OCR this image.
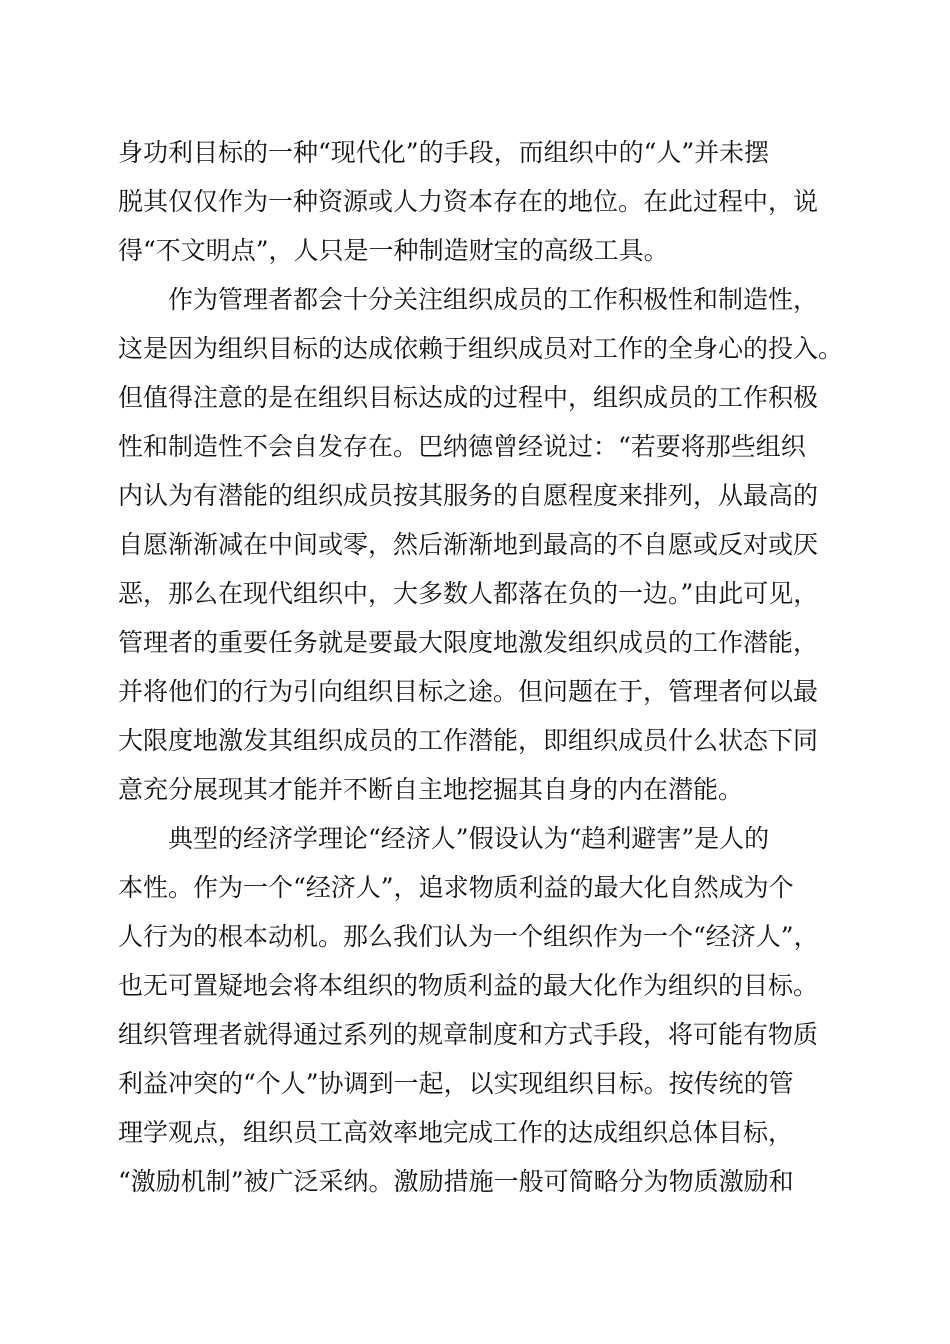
身功利目标的一种“现代化”的手段，而组织中的“人”并未摆
脱其仅仅作为一种资源或人力资本存在的地位。在此过程中，说
得“不文明点”，人只是一种制造财宝的高级工具。
作为管理者都会十分关注组织成员的工作积极性和制造性，
这是因为组织目标的达成依赖于组织成员对工作的全身心的投入。
但值得注意的是在组织目标达成的过程中，组织成员的工作积极
性和制造性不会自发存在。巴纳德曾经说过：“若要将那些组织
内认为有潜能的组织成员按其服务的自愿程度来排列，从最高的
自愿渐渐减在中间或零，然后渐渐地到最高的不自愿或反对或厌
恶，那么在现代组织中，大多数人都落在负的一边。”由此可见，
管理者的重要任务就是要最大限度地激发组织成员的工作潜能，
并将他们的行为引向组织目标之途。但问题在于，管理者何以最
大限度地激发其组织成员的工作潜能，即组织成员什么状态下同
意充分展现其才能并不断自主地挖掘其自身的内在潜能。
典型的经济学理论“经济人”假设认为“趋利避害”是人的
本性。作为一个“经济人”，追求物质利益的最大化自然成为个
人行为的根本动机。那么我们认为一个组织作为一个“经济人”，
也无可置疑地会将本组织的物质利益的最大化作为组织的目标。
组织管理者就得通过系列的规章制度和方式手段，将可能有物质
利益冲突的“个人”协调到一起，以实现组织目标。按传统的管
理学观点，组织员工高效率地完成工作的达成组织总体目标，
“激励机制”被广泛采纳。激励措施一般可简略分为物质激励和
